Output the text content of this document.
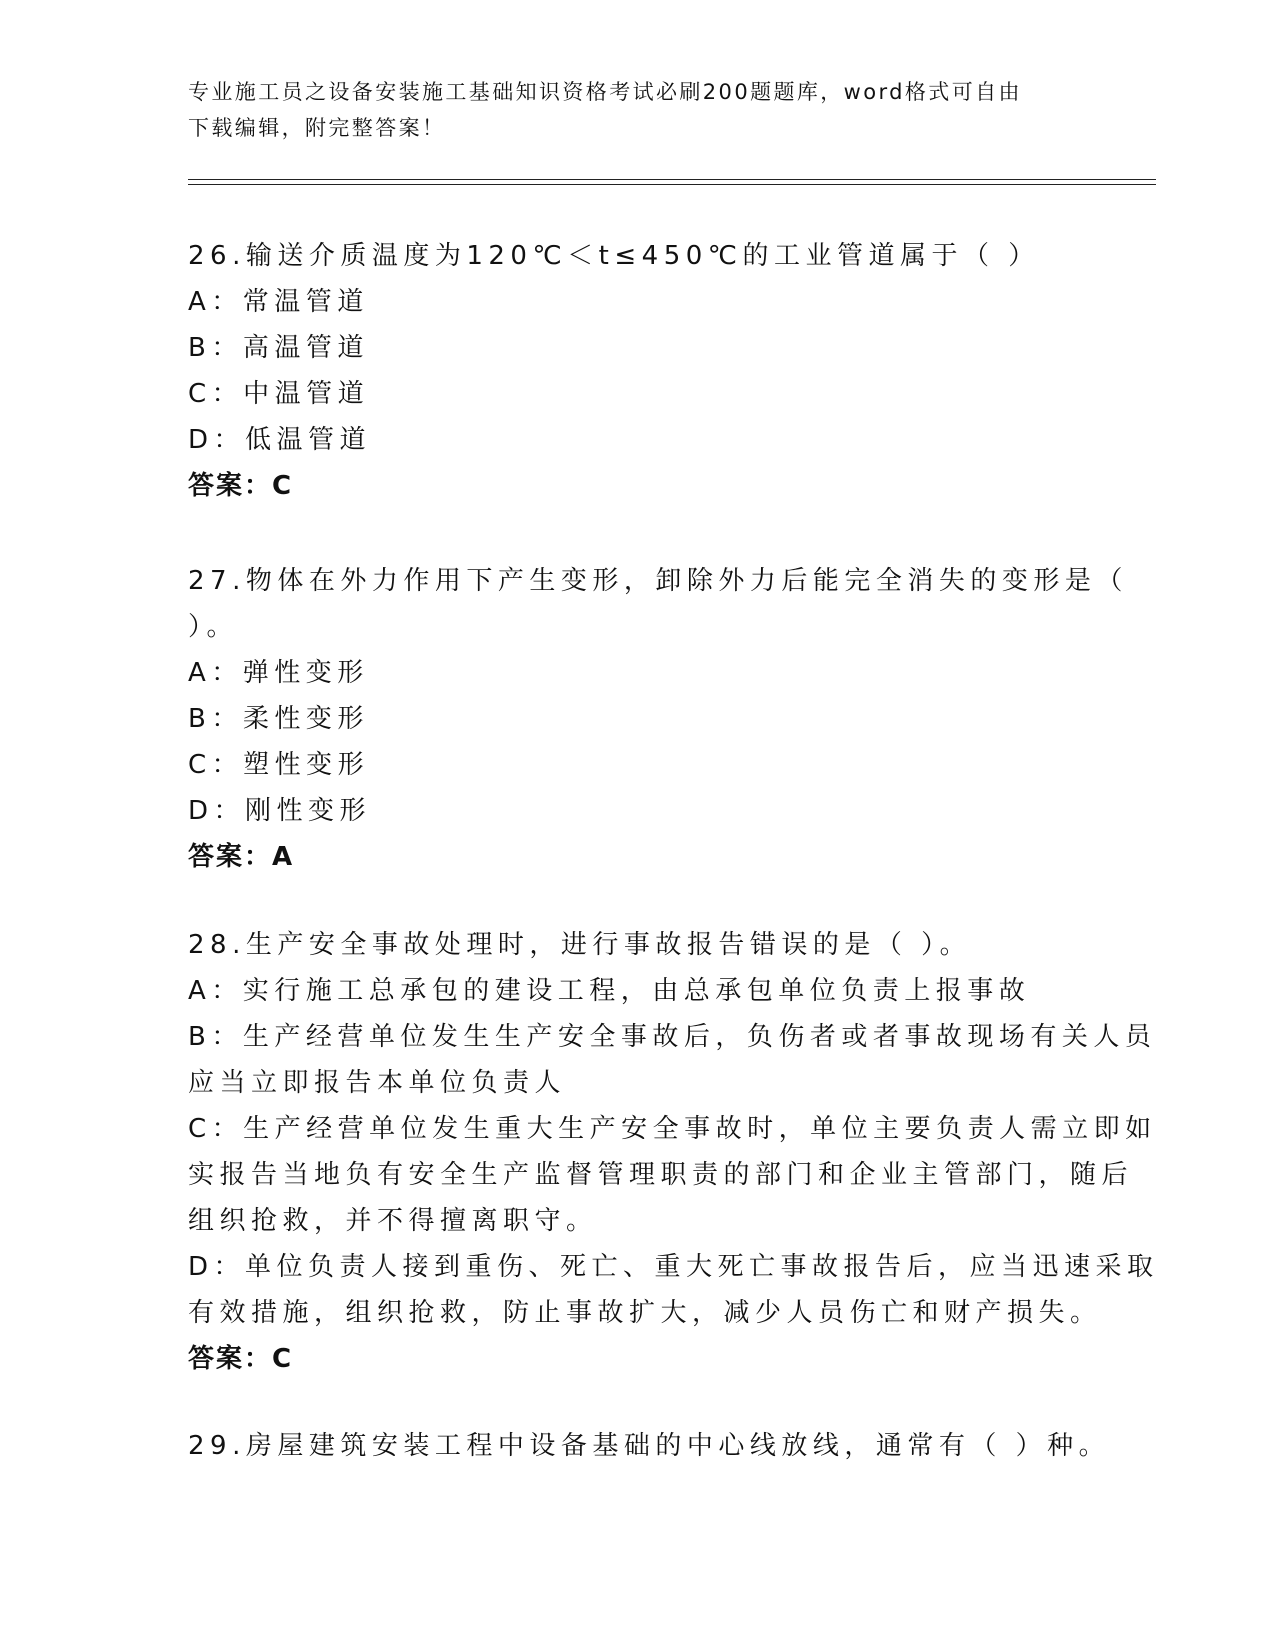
专业施工员之设备安装施工基础知识资格考试必刷200题题库，word格式可自由
下载编辑，附完整答案！
26.输送介质温度为120℃＜t≤450℃的工业管道属于（ ）
A：常温管道
B：高温管道
C：中温管道
D：低温管道
答案：C
27.物体在外力作用下产生变形，卸除外力后能完全消失的变形是（
）。
A：弹性变形
B：柔性变形
C：塑性变形
D：刚性变形
答案：A
28.生产安全事故处理时，进行事故报告错误的是（ ）。
A：实行施工总承包的建设工程，由总承包单位负责上报事故
B：生产经营单位发生生产安全事故后，负伤者或者事故现场有关人员
应当立即报告本单位负责人
C：生产经营单位发生重大生产安全事故时，单位主要负责人需立即如
实报告当地负有安全生产监督管理职责的部门和企业主管部门，随后
组织抢救，并不得擅离职守。
D：单位负责人接到重伤、死亡、重大死亡事故报告后，应当迅速采取
有效措施，组织抢救，防止事故扩大，减少人员伤亡和财产损失。
答案：C
29.房屋建筑安装工程中设备基础的中心线放线，通常有（ ）种。
